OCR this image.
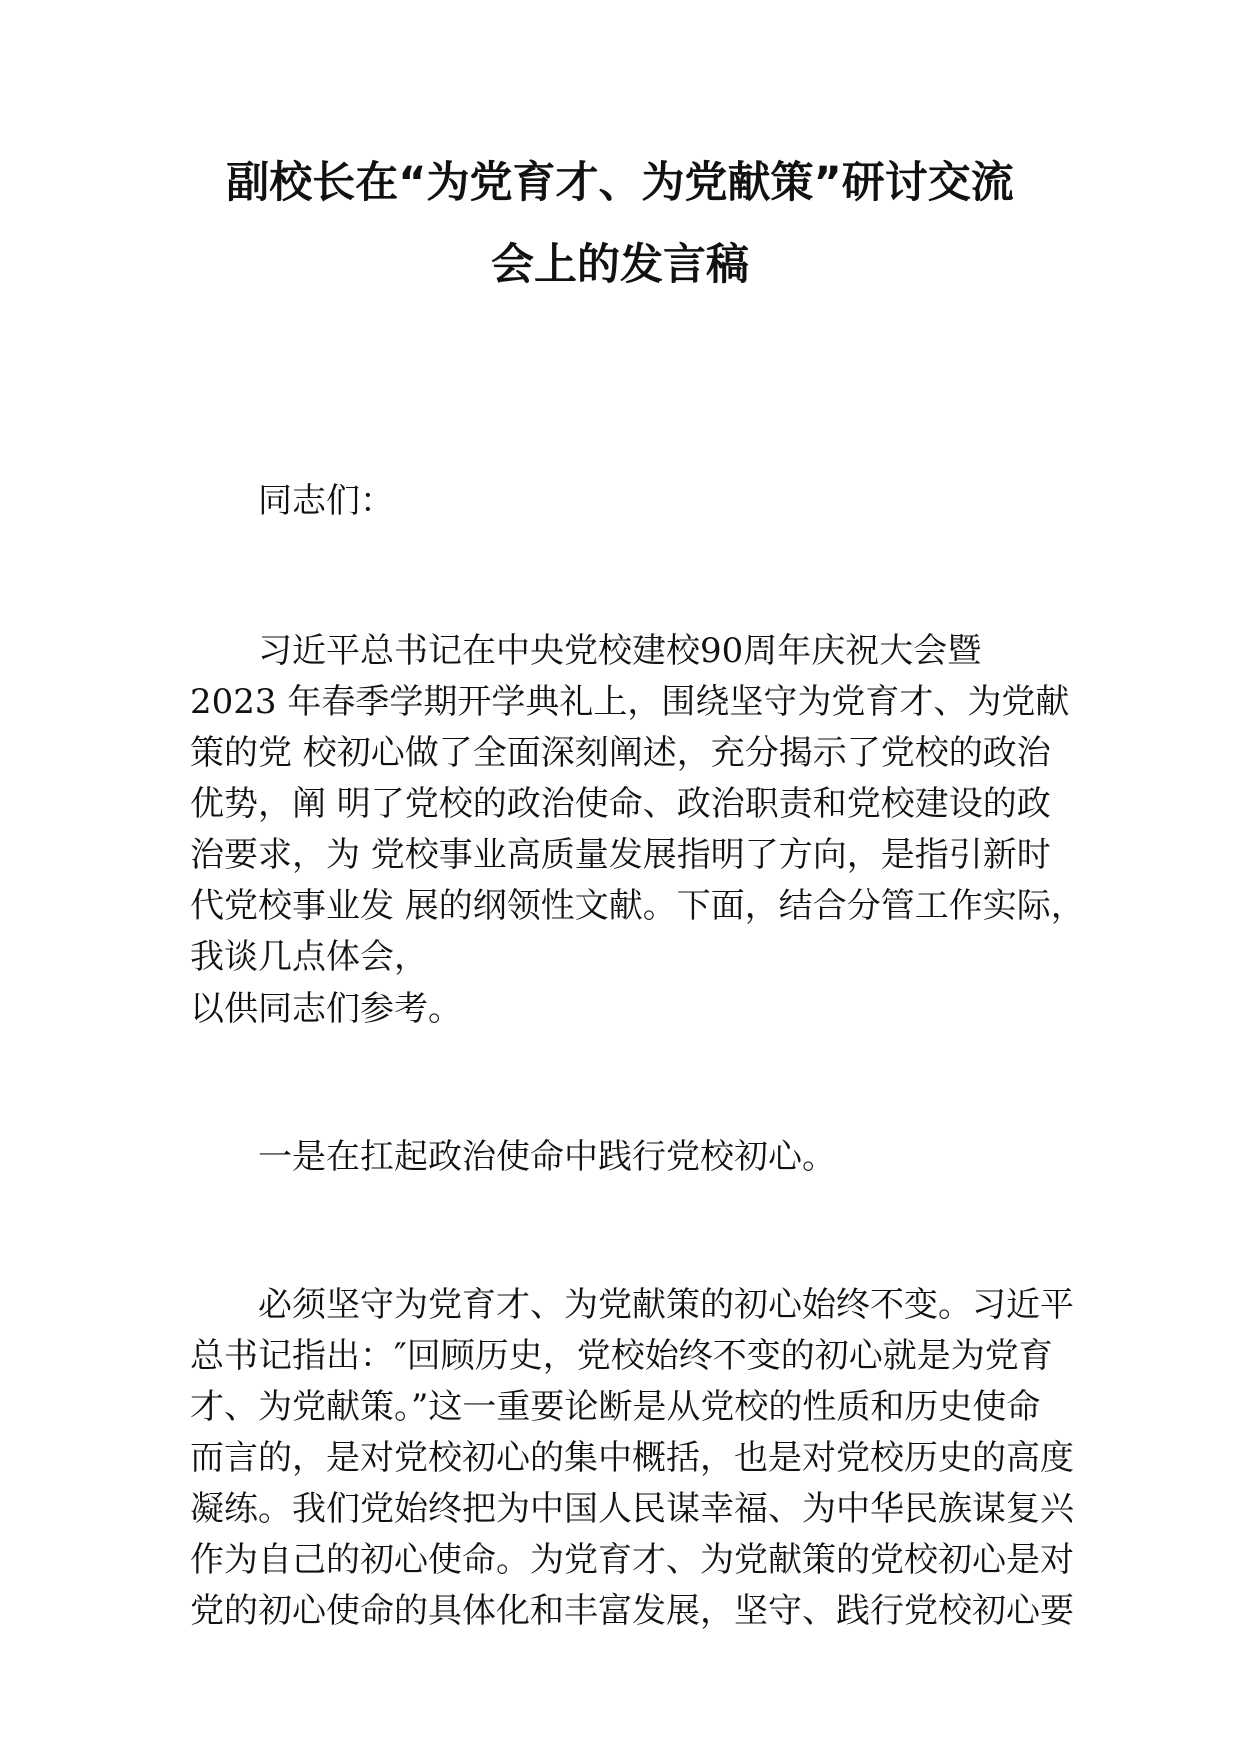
副校长在“为党育才、为党献策”研讨交流
会上的发言稿

同志们：

　　习近平总书记在中央党校建校90周年庆祝大会暨
2023 年春季学期开学典礼上，围绕坚守为党育才、为党献
策的党 校初心做了全面深刻阐述，充分揭示了党校的政治
优势，阐 明了党校的政治使命、政治职责和党校建设的政
治要求，为 党校事业高质量发展指明了方向，是指引新时
代党校事业发 展的纲领性文献。下面，结合分管工作实际，
我谈几点体会，

以供同志们参考。

　　一是在扛起政治使命中践行党校初心。

　　必须坚守为党育才、为党献策的初心始终不变。习近平
总书记指出：″回顾历史，党校始终不变的初心就是为党育
才、为党献策。”这一重要论断是从党校的性质和历史使命
而言的，是对党校初心的集中概括，也是对党校历史的高度
凝练。我们党始终把为中国人民谋幸福、为中华民族谋复兴
作为自己的初心使命。为党育才、为党献策的党校初心是对
党的初心使命的具体化和丰富发展，坚守、践行党校初心要
